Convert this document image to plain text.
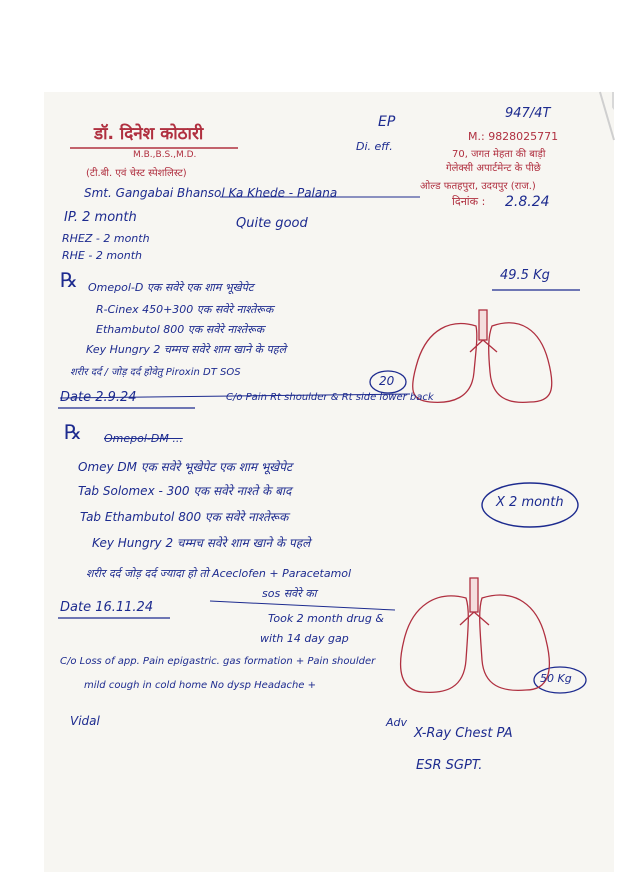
डॉ. दिनेश कोठारी
M.B.,B.S.,M.D.
(टी.बी. एवं चेस्ट स्पेशलिस्ट)
M.: 9828025771
70, जगत मेहता की बाड़ी
गेलेक्सी अपार्टमेन्ट के पीछे
ओल्ड फतहपुरा, उदयपुर (राज.)
दिनांक :
EP
Di. eff.
947/4T
2.8.24
Smt. Gangabai Bhansol Ka Khede - Palana
IP. 2 month
RHEZ - 2 month
RHE - 2 month
Quite good
49.5 Kg
℞ Omepol-D एक सवेरे एक शाम भूखेपेट
R-Cinex 450+300 एक सवेरे नाश्तेरूक
Ethambutol 800 एक सवेरे नाश्तेरूक
Key Hungry 2 चम्मच सवेरे शाम खाने के पहले
शरीर दर्द / जोड़ दर्द होवेतु Piroxin DT SOS
20
Date 2.9.24	C/o Pain Rt shoulder & Rt side lower back
℞ Omepol-DM ...
Omey DM एक सवेरे भूखेपेट एक शाम भूखेपेट
Tab Solomex - 300 एक सवेरे नाश्ते के बाद
Tab Ethambutol 800 एक सवेरे नाश्तेरूक
Key Hungry 2 चम्मच सवेरे शाम खाने के पहले
शरीर दर्द जोड़ दर्द ज्यादा हो तो Aceclofen + Paracetamol
sos सवेरे का
X 2 month
Date 16.11.24
Took 2 month drug &
with 14 day gap
C/o Loss of app. Pain epigastric. gas formation + Pain shoulder
mild cough in cold home No dysp Headache +
50 Kg
Vidal	Adv
X-Ray Chest PA
ESR SGPT.
